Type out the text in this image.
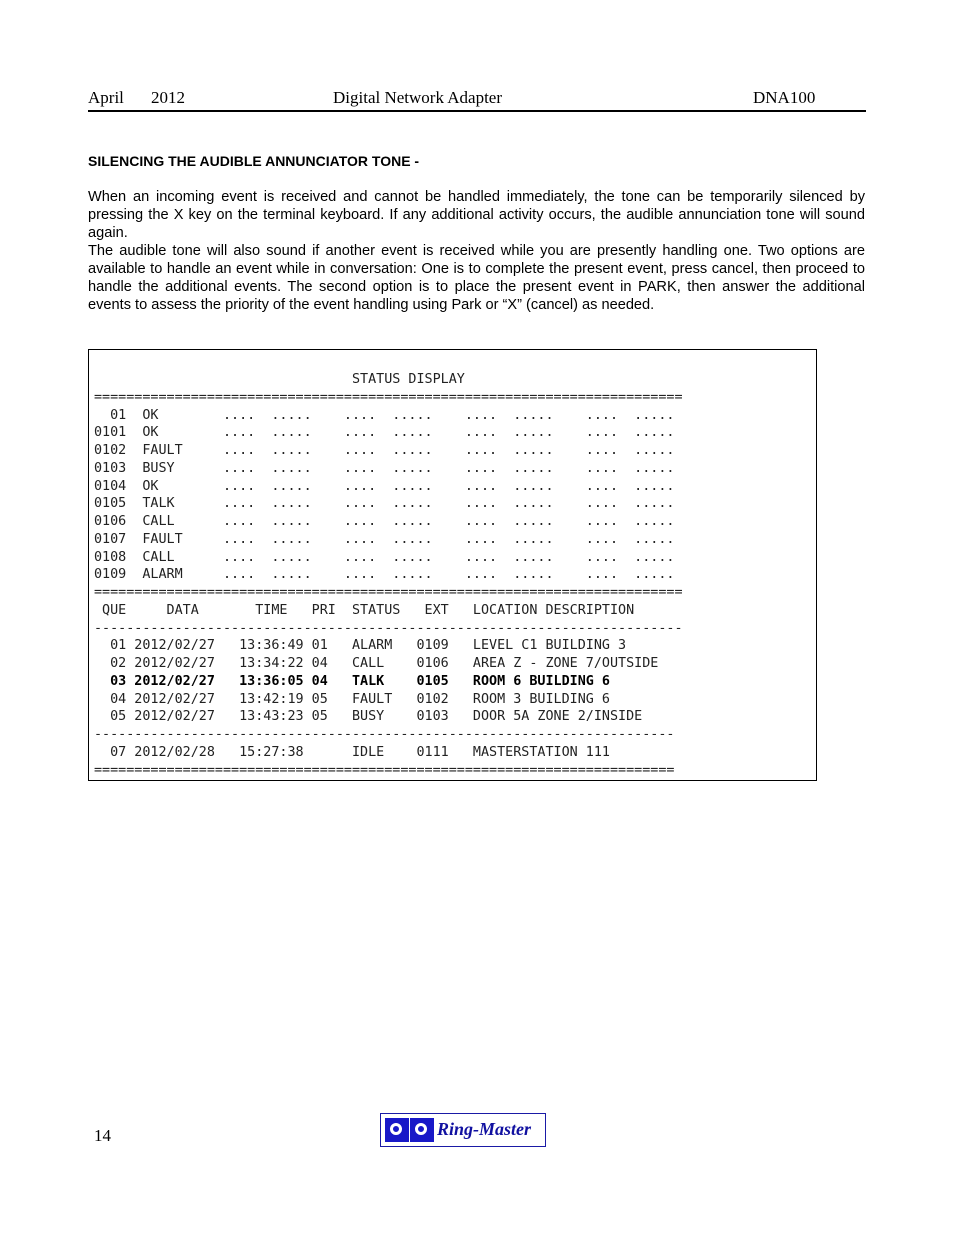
April 2012	Digital Network Adapter	DNA100
SILENCING THE AUDIBLE ANNUNCIATOR TONE -

When an incoming event is received and cannot be handled immediately, the tone can be temporarily silenced by pressing the X key on the terminal keyboard. If any additional activity occurs, the audible annunciation tone will sound again.

The audible tone will also sound if another event is received while you are presently handling one. Two options are available to handle an event while in conversation: One is to complete the present event, press cancel, then proceed to handle the additional events. The second option is to place the present event in PARK, then answer the additional events to assess the priority of the event handling using Park or “X” (cancel) as needed.

STATUS DISPLAY
=========================================================================
01  OK        ....  .....    ....  .....    ....  .....    ....  .....
0101  OK        ....  .....    ....  .....    ....  .....    ....  .....
0102  FAULT     ....  .....    ....  .....    ....  .....    ....  .....
0103  BUSY      ....  .....    ....  .....    ....  .....    ....  .....
0104  OK        ....  .....    ....  .....    ....  .....    ....  .....
0105  TALK      ....  .....    ....  .....    ....  .....    ....  .....
0106  CALL      ....  .....    ....  .....    ....  .....    ....  .....
0107  FAULT     ....  .....    ....  .....    ....  .....    ....  .....
0108  CALL      ....  .....    ....  .....    ....  .....    ....  .....
0109  ALARM     ....  .....    ....  .....    ....  .....    ....  .....
=========================================================================
QUE     DATA       TIME   PRI  STATUS   EXT   LOCATION DESCRIPTION
-------------------------------------------------------------------------
01 2012/02/27   13:36:49 01   ALARM   0109   LEVEL C1 BUILDING 3
02 2012/02/27   13:34:22 04   CALL    0106   AREA Z - ZONE 7/OUTSIDE
03 2012/02/27   13:36:05 04   TALK    0105   ROOM 6 BUILDING 6
04 2012/02/27   13:42:19 05   FAULT   0102   ROOM 3 BUILDING 6
05 2012/02/27   13:43:23 05   BUSY    0103   DOOR 5A ZONE 2/INSIDE
------------------------------------------------------------------------
07 2012/02/28   15:27:38      IDLE    0111   MASTERSTATION 111
========================================================================
14	Ring-Master
